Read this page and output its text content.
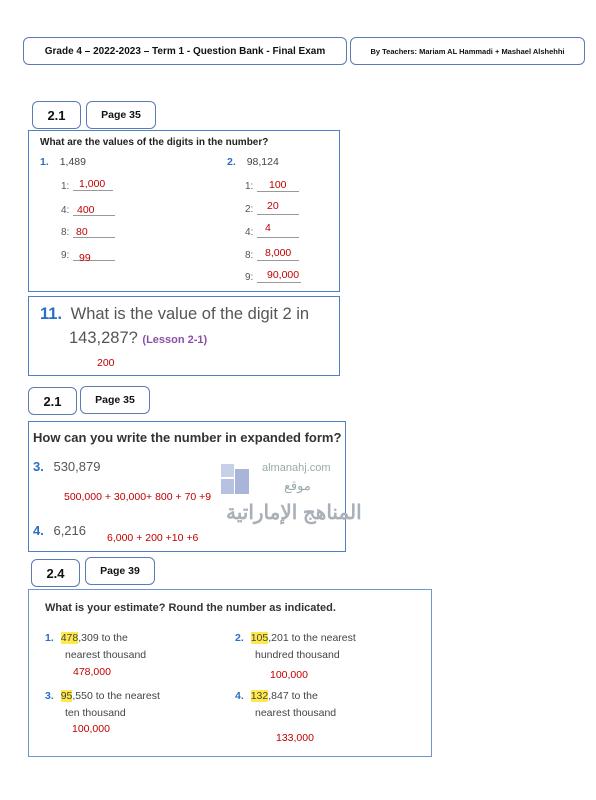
Grade 4 – 2022-2023 – Term 1 - Question Bank - Final Exam	By Teachers: Mariam AL Hammadi + Mashael Alshehhi
2.1	Page 35
What are the values of the digits in the number?
1. 1,489
1: 1,000
4: 400
8: 80
9: 99
2. 98,124
1: 100
2: 20
4: 4
8: 8,000
9: 90,000
11. What is the value of the digit 2 in
143,287? (Lesson 2-1)
200
2.1	Page 35
How can you write the number in expanded form?
3. 530,879
500,000 + 30,000+ 800 + 70 +9
4. 6,216 6,000 + 200 +10 +6
almanahj.com
موقع
المناهج الإماراتية
2.4	Page 39
What is your estimate? Round the number as indicated.
1. 478,309 to the
nearest thousand
478,000
2. 105,201 to the nearest
hundred thousand
100,000
3. 95,550 to the nearest
ten thousand
100,000
4. 132,847 to the
nearest thousand
133,000
